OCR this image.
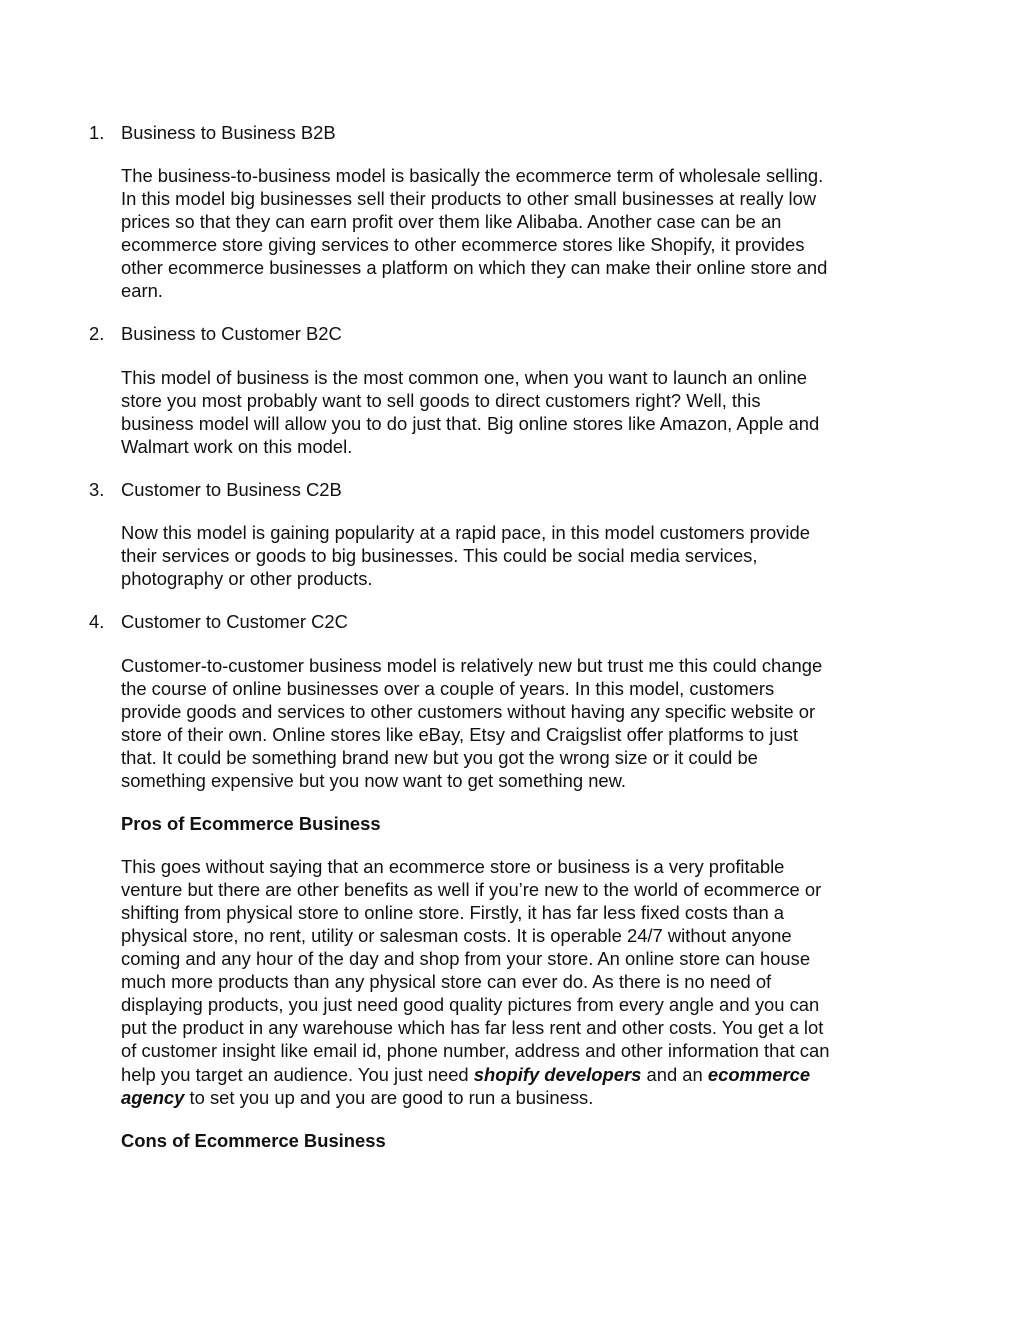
1. Business to Business B2B
The business-to-business model is basically the ecommerce term of wholesale selling.
In this model big businesses sell their products to other small businesses at really low
prices so that they can earn profit over them like Alibaba. Another case can be an
ecommerce store giving services to other ecommerce stores like Shopify, it provides
other ecommerce businesses a platform on which they can make their online store and
earn.
2. Business to Customer B2C
This model of business is the most common one, when you want to launch an online
store you most probably want to sell goods to direct customers right? Well, this
business model will allow you to do just that. Big online stores like Amazon, Apple and
Walmart work on this model.
3. Customer to Business C2B
Now this model is gaining popularity at a rapid pace, in this model customers provide
their services or goods to big businesses. This could be social media services,
photography or other products.
4. Customer to Customer C2C
Customer-to-customer business model is relatively new but trust me this could change
the course of online businesses over a couple of years. In this model, customers
provide goods and services to other customers without having any specific website or
store of their own. Online stores like eBay, Etsy and Craigslist offer platforms to just
that. It could be something brand new but you got the wrong size or it could be
something expensive but you now want to get something new.
Pros of Ecommerce Business
This goes without saying that an ecommerce store or business is a very profitable
venture but there are other benefits as well if you’re new to the world of ecommerce or
shifting from physical store to online store. Firstly, it has far less fixed costs than a
physical store, no rent, utility or salesman costs. It is operable 24/7 without anyone
coming and any hour of the day and shop from your store. An online store can house
much more products than any physical store can ever do. As there is no need of
displaying products, you just need good quality pictures from every angle and you can
put the product in any warehouse which has far less rent and other costs. You get a lot
of customer insight like email id, phone number, address and other information that can
help you target an audience. You just need shopify developers and an ecommerce
agency to set you up and you are good to run a business.
Cons of Ecommerce Business
